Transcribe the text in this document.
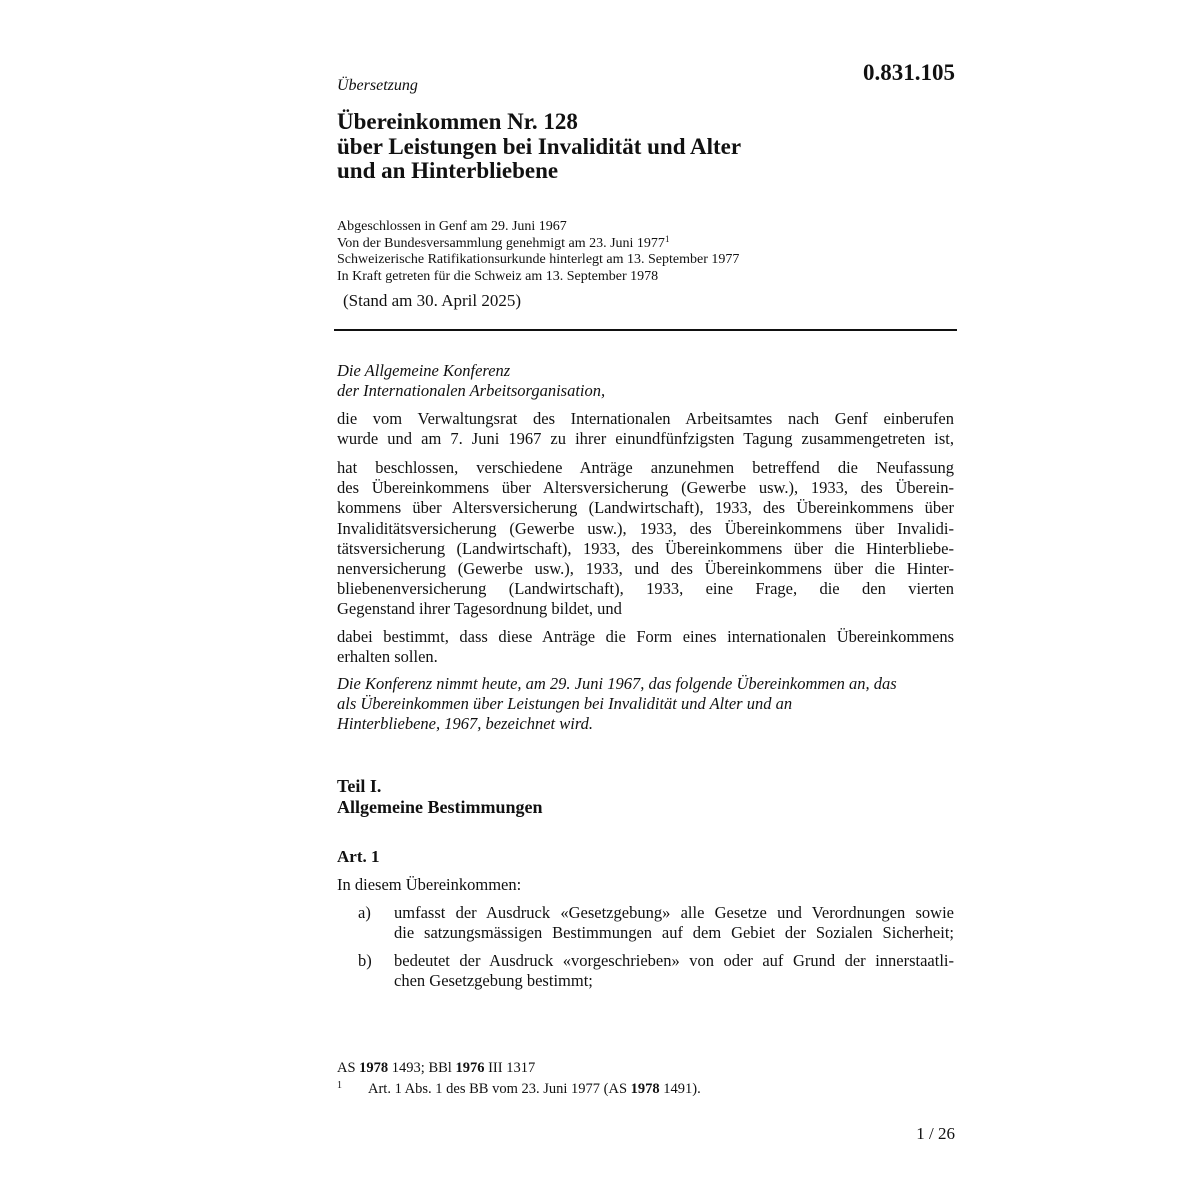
0.831.105
Übersetzung
Übereinkommen Nr. 128
über Leistungen bei Invalidität und Alter
und an Hinterbliebene
Abgeschlossen in Genf am 29. Juni 1967
Von der Bundesversammlung genehmigt am 23. Juni 1977$^1$
Schweizerische Ratifikationsurkunde hinterlegt am 13. September 1977
In Kraft getreten für die Schweiz am 13. September 1978
(Stand am 30. April 2025)
Die Allgemeine Konferenz
der Internationalen Arbeitsorganisation,
die vom Verwaltungsrat des Internationalen Arbeitsamtes nach Genf einberufen
wurde und am 7. Juni 1967 zu ihrer einundfünfzigsten Tagung zusammengetreten ist,
hat beschlossen, verschiedene Anträge anzunehmen betreffend die Neufassung
des Übereinkommens über Altersversicherung (Gewerbe usw.), 1933, des Überein-
kommens über Altersversicherung (Landwirtschaft), 1933, des Übereinkommens über
Invaliditätsversicherung (Gewerbe usw.), 1933, des Übereinkommens über Invalidi-
tätsversicherung (Landwirtschaft), 1933, des Übereinkommens über die Hinterbliebe-
nenversicherung (Gewerbe usw.), 1933, und des Übereinkommens über die Hinter-
bliebenenversicherung (Landwirtschaft), 1933, eine Frage, die den vierten
Gegenstand ihrer Tagesordnung bildet, und
dabei bestimmt, dass diese Anträge die Form eines internationalen Übereinkommens
erhalten sollen.
Die Konferenz nimmt heute, am 29. Juni 1967, das folgende Übereinkommen an, das
als Übereinkommen über Leistungen bei Invalidität und Alter und an
Hinterbliebene, 1967, bezeichnet wird.
Teil I.
Allgemeine Bestimmungen
Art. 1
In diesem Übereinkommen:
a) umfasst der Ausdruck «Gesetzgebung» alle Gesetze und Verordnungen sowie
die satzungsmässigen Bestimmungen auf dem Gebiet der Sozialen Sicherheit;
b) bedeutet der Ausdruck «vorgeschrieben» von oder auf Grund der innerstaatli-
chen Gesetzgebung bestimmt;
AS 1978 1493; BBl 1976 III 1317
$^1$ Art. 1 Abs. 1 des BB vom 23. Juni 1977 (AS 1978 1491).
1 / 26
